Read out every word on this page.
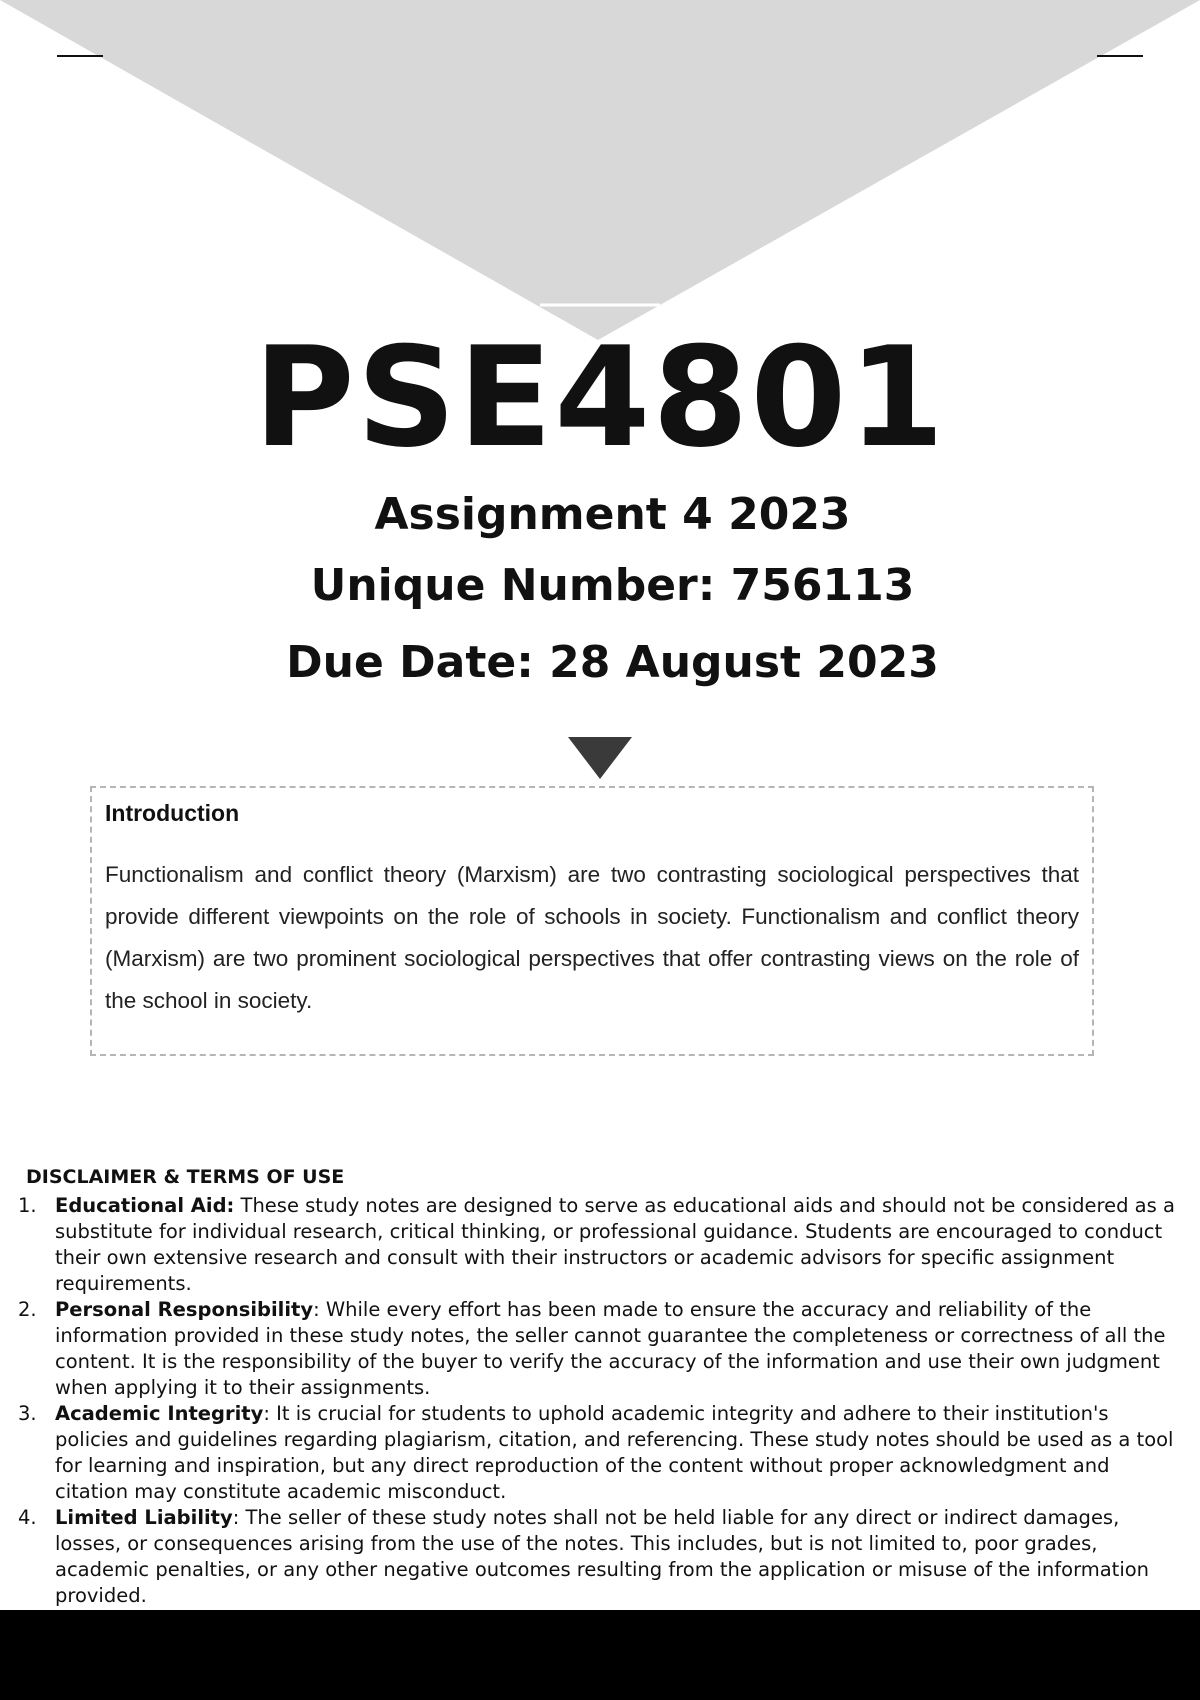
PSE4801
Assignment 4 2023
Unique Number: 756113
Due Date: 28 August 2023
Introduction

Functionalism and conflict theory (Marxism) are two contrasting sociological perspectives that provide different viewpoints on the role of schools in society. Functionalism and conflict theory (Marxism) are two prominent sociological perspectives that offer contrasting views on the role of the school in society.

DISCLAIMER & TERMS OF USE
1. Educational Aid: These study notes are designed to serve as educational aids and should not be considered as a substitute for individual research, critical thinking, or professional guidance. Students are encouraged to conduct their own extensive research and consult with their instructors or academic advisors for specific assignment requirements.
2. Personal Responsibility: While every effort has been made to ensure the accuracy and reliability of the information provided in these study notes, the seller cannot guarantee the completeness or correctness of all the content. It is the responsibility of the buyer to verify the accuracy of the information and use their own judgment when applying it to their assignments.
3. Academic Integrity: It is crucial for students to uphold academic integrity and adhere to their institution's policies and guidelines regarding plagiarism, citation, and referencing. These study notes should be used as a tool for learning and inspiration, but any direct reproduction of the content without proper acknowledgment and citation may constitute academic misconduct.
4. Limited Liability: The seller of these study notes shall not be held liable for any direct or indirect damages, losses, or consequences arising from the use of the notes. This includes, but is not limited to, poor grades, academic penalties, or any other negative outcomes resulting from the application or misuse of the information provided.
